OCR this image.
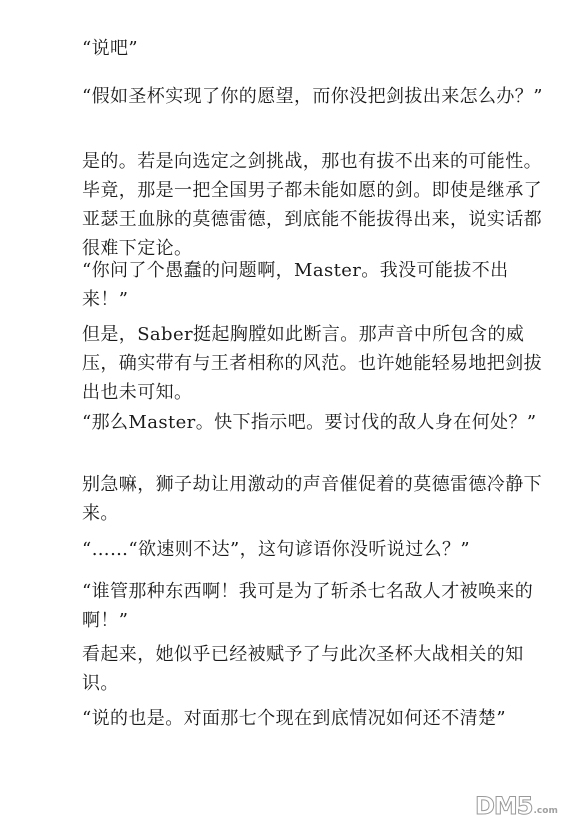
“说吧”
“假如圣杯实现了你的愿望，而你没把剑拔出来怎么办？”
是的。若是向选定之剑挑战，那也有拔不出来的可能性。毕竟，那是一把全国男子都未能如愿的剑。即使是继承了亚瑟王血脉的莫德雷德，到底能不能拔得出来，说实话都很难下定论。
“你问了个愚蠢的问题啊，Master。我没可能拔不出来！”
但是，Saber挺起胸膛如此断言。那声音中所包含的威压，确实带有与王者相称的风范。也许她能轻易地把剑拔出也未可知。
“那么Master。快下指示吧。要讨伐的敌人身在何处？”
别急嘛，狮子劫让用激动的声音催促着的莫德雷德冷静下来。
“……“欲速则不达”，这句谚语你没听说过么？”
“谁管那种东西啊！我可是为了斩杀七名敌人才被唤来的啊！”
看起来，她似乎已经被赋予了与此次圣杯大战相关的知识。
“说的也是。对面那七个现在到底情况如何还不清楚”
DM5 .com
